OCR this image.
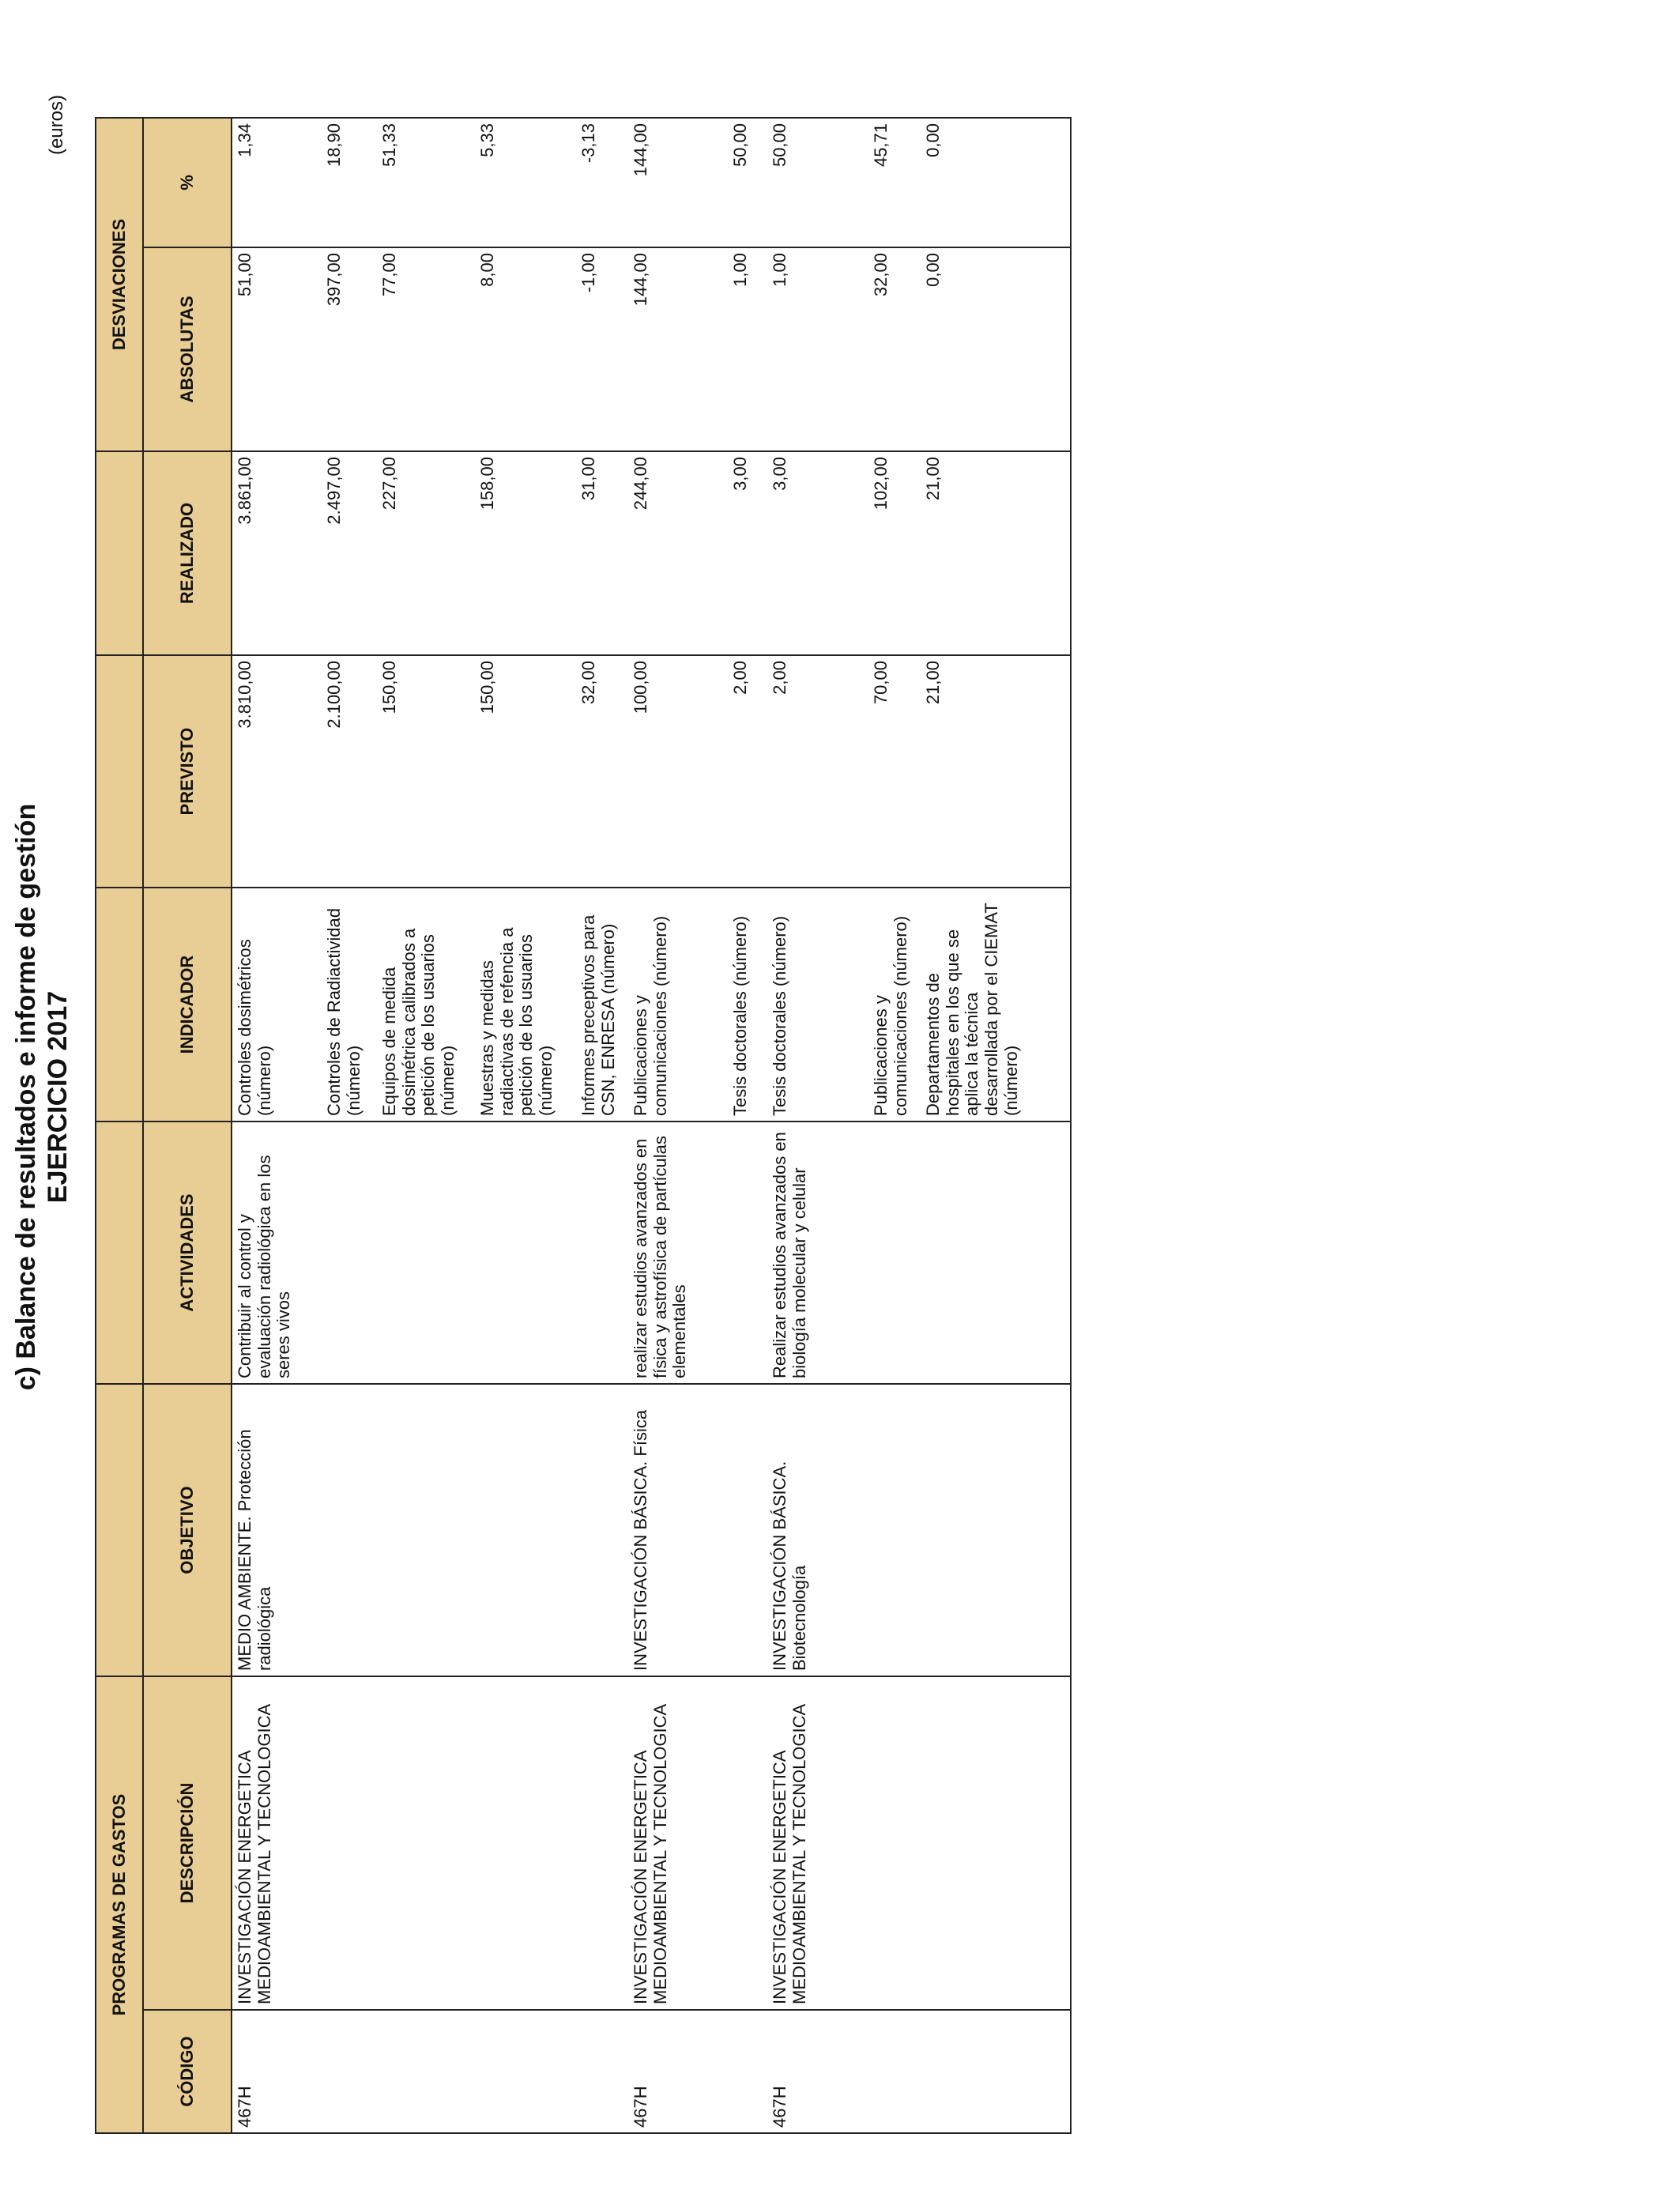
c) Balance de resultados e informe de gestión EJERCICIO 2017
(euros)
PROGRAMAS DE GASTOS							DESVIACIONES	
CÓDIGO	DESCRIPCIÓN	OBJETIVO	ACTIVIDADES	INDICADOR	PREVISTO	REALIZADO	ABSOLUTAS	%
467H	INVESTIGACIÓN ENERGETICA MEDIOAMBIENTAL Y TECNOLOGICA	MEDIO AMBIENTE. Protección radiológica	Contribuir al control y evaluación radiológica en los seres vivos	Controles dosimétricos (número)	3.810,00	3.861,00	51,00	1,34
				Controles de Radiactividad (número)	2.100,00	2.497,00	397,00	18,90
				Equipos de medida dosimétrica calibrados a petición de los usuarios (número)	150,00	227,00	77,00	51,33
				Muestras y medidas radiactivas de refencia a petición de los usuarios (número)	150,00	158,00	8,00	5,33
				Informes preceptivos para CSN, ENRESA (número)	32,00	31,00	-1,00	-3,13
467H	INVESTIGACIÓN ENERGETICA MEDIOAMBIENTAL Y TECNOLOGICA	INVESTIGACIÓN BÁSICA. Física	realizar estudios avanzados en física y astrofísica de partículas elementales	Publicaciones y comunicaciones (número)	100,00	244,00	144,00	144,00
				Tesis doctorales (número)	2,00	3,00	1,00	50,00
467H	INVESTIGACIÓN ENERGETICA MEDIOAMBIENTAL Y TECNOLOGICA	INVESTIGACIÓN BÁSICA. Biotecnología	Realizar estudios avanzados en biología molecular y celular	Tesis doctorales (número)	2,00	3,00	1,00	50,00
				Publicaciones y comunicaciones (número)	70,00	102,00	32,00	45,71
				Departamentos de hospitales en los que se aplica la técnica desarrollada por el CIEMAT (número)	21,00	21,00	0,00	0,00
